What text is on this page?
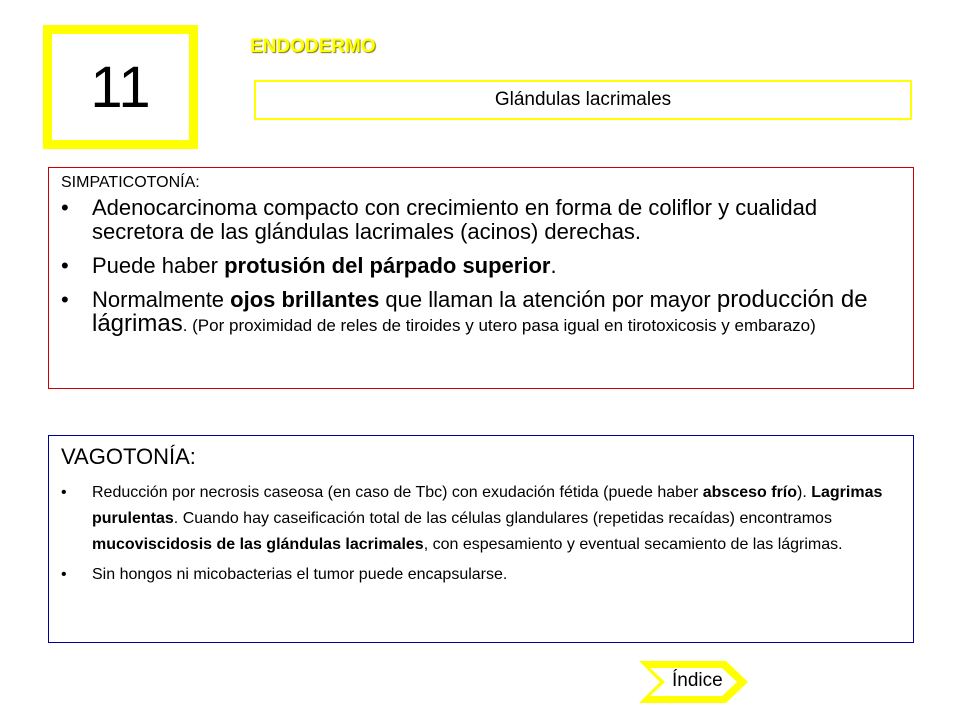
11
ENDODERMO
Glándulas lacrimales
SIMPATICOTONÍA:
• Adenocarcinoma compacto con crecimiento en forma de coliflor y cualidad secretora de las glándulas lacrimales (acinos) derechas.
• Puede haber protusión del párpado superior.
• Normalmente ojos brillantes que llaman la atención por mayor producción de lágrimas. (Por proximidad de reles de tiroides y utero pasa igual en tirotoxicosis y embarazo)
VAGOTONÍA:
• Reducción por necrosis caseosa (en caso de Tbc) con exudación fétida (puede haber absceso frío). Lagrimas purulentas. Cuando hay caseificación total de las células glandulares (repetidas recaídas) encontramos mucoviscidosis de las glándulas lacrimales, con espesamiento y eventual secamiento de las lágrimas.
• Sin hongos ni micobacterias el tumor puede encapsularse.
Índice
